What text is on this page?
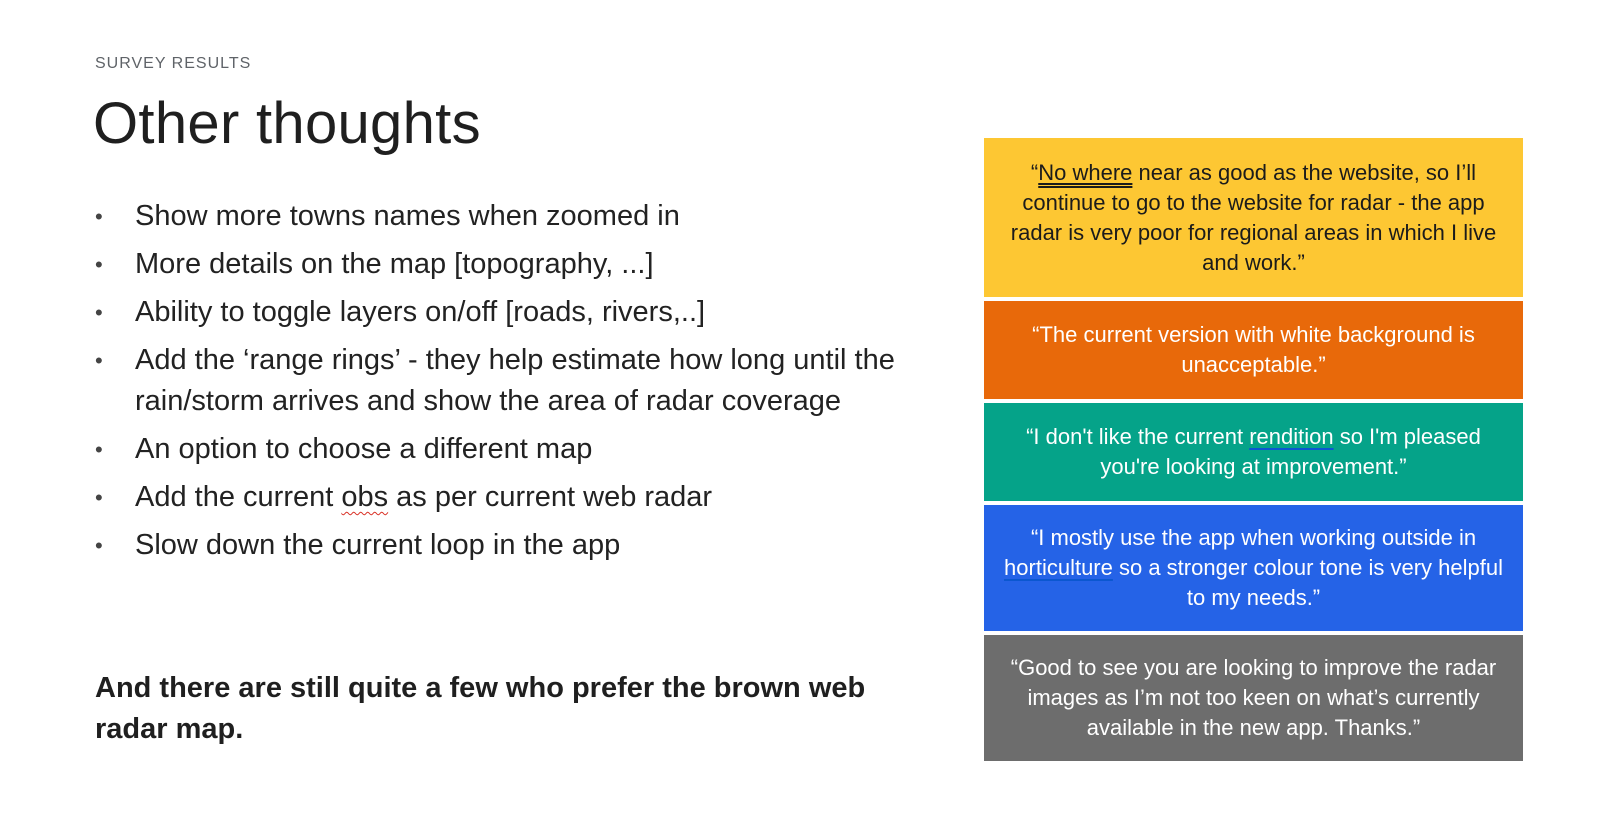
SURVEY RESULTS
Other thoughts
• Show more towns names when zoomed in
• More details on the map [topography, ...]
• Ability to toggle layers on/off [roads, rivers,..]
• Add the ‘range rings’ - they help estimate how long until the rain/storm arrives and show the area of radar coverage
• An option to choose a different map
• Add the current obs as per current web radar
• Slow down the current loop in the app
And there are still quite a few who prefer the brown web radar map.
“No where near as good as the website, so I’ll continue to go to the website for radar - the app radar is very poor for regional areas in which I live and work.”
“The current version with white background is unacceptable.”
“I don't like the current rendition so I'm pleased you're looking at improvement.”
“I mostly use the app when working outside in horticulture so a stronger colour tone is very helpful to my needs.”
“Good to see you are looking to improve the radar images as I’m not too keen on what’s currently available in the new app. Thanks.”
